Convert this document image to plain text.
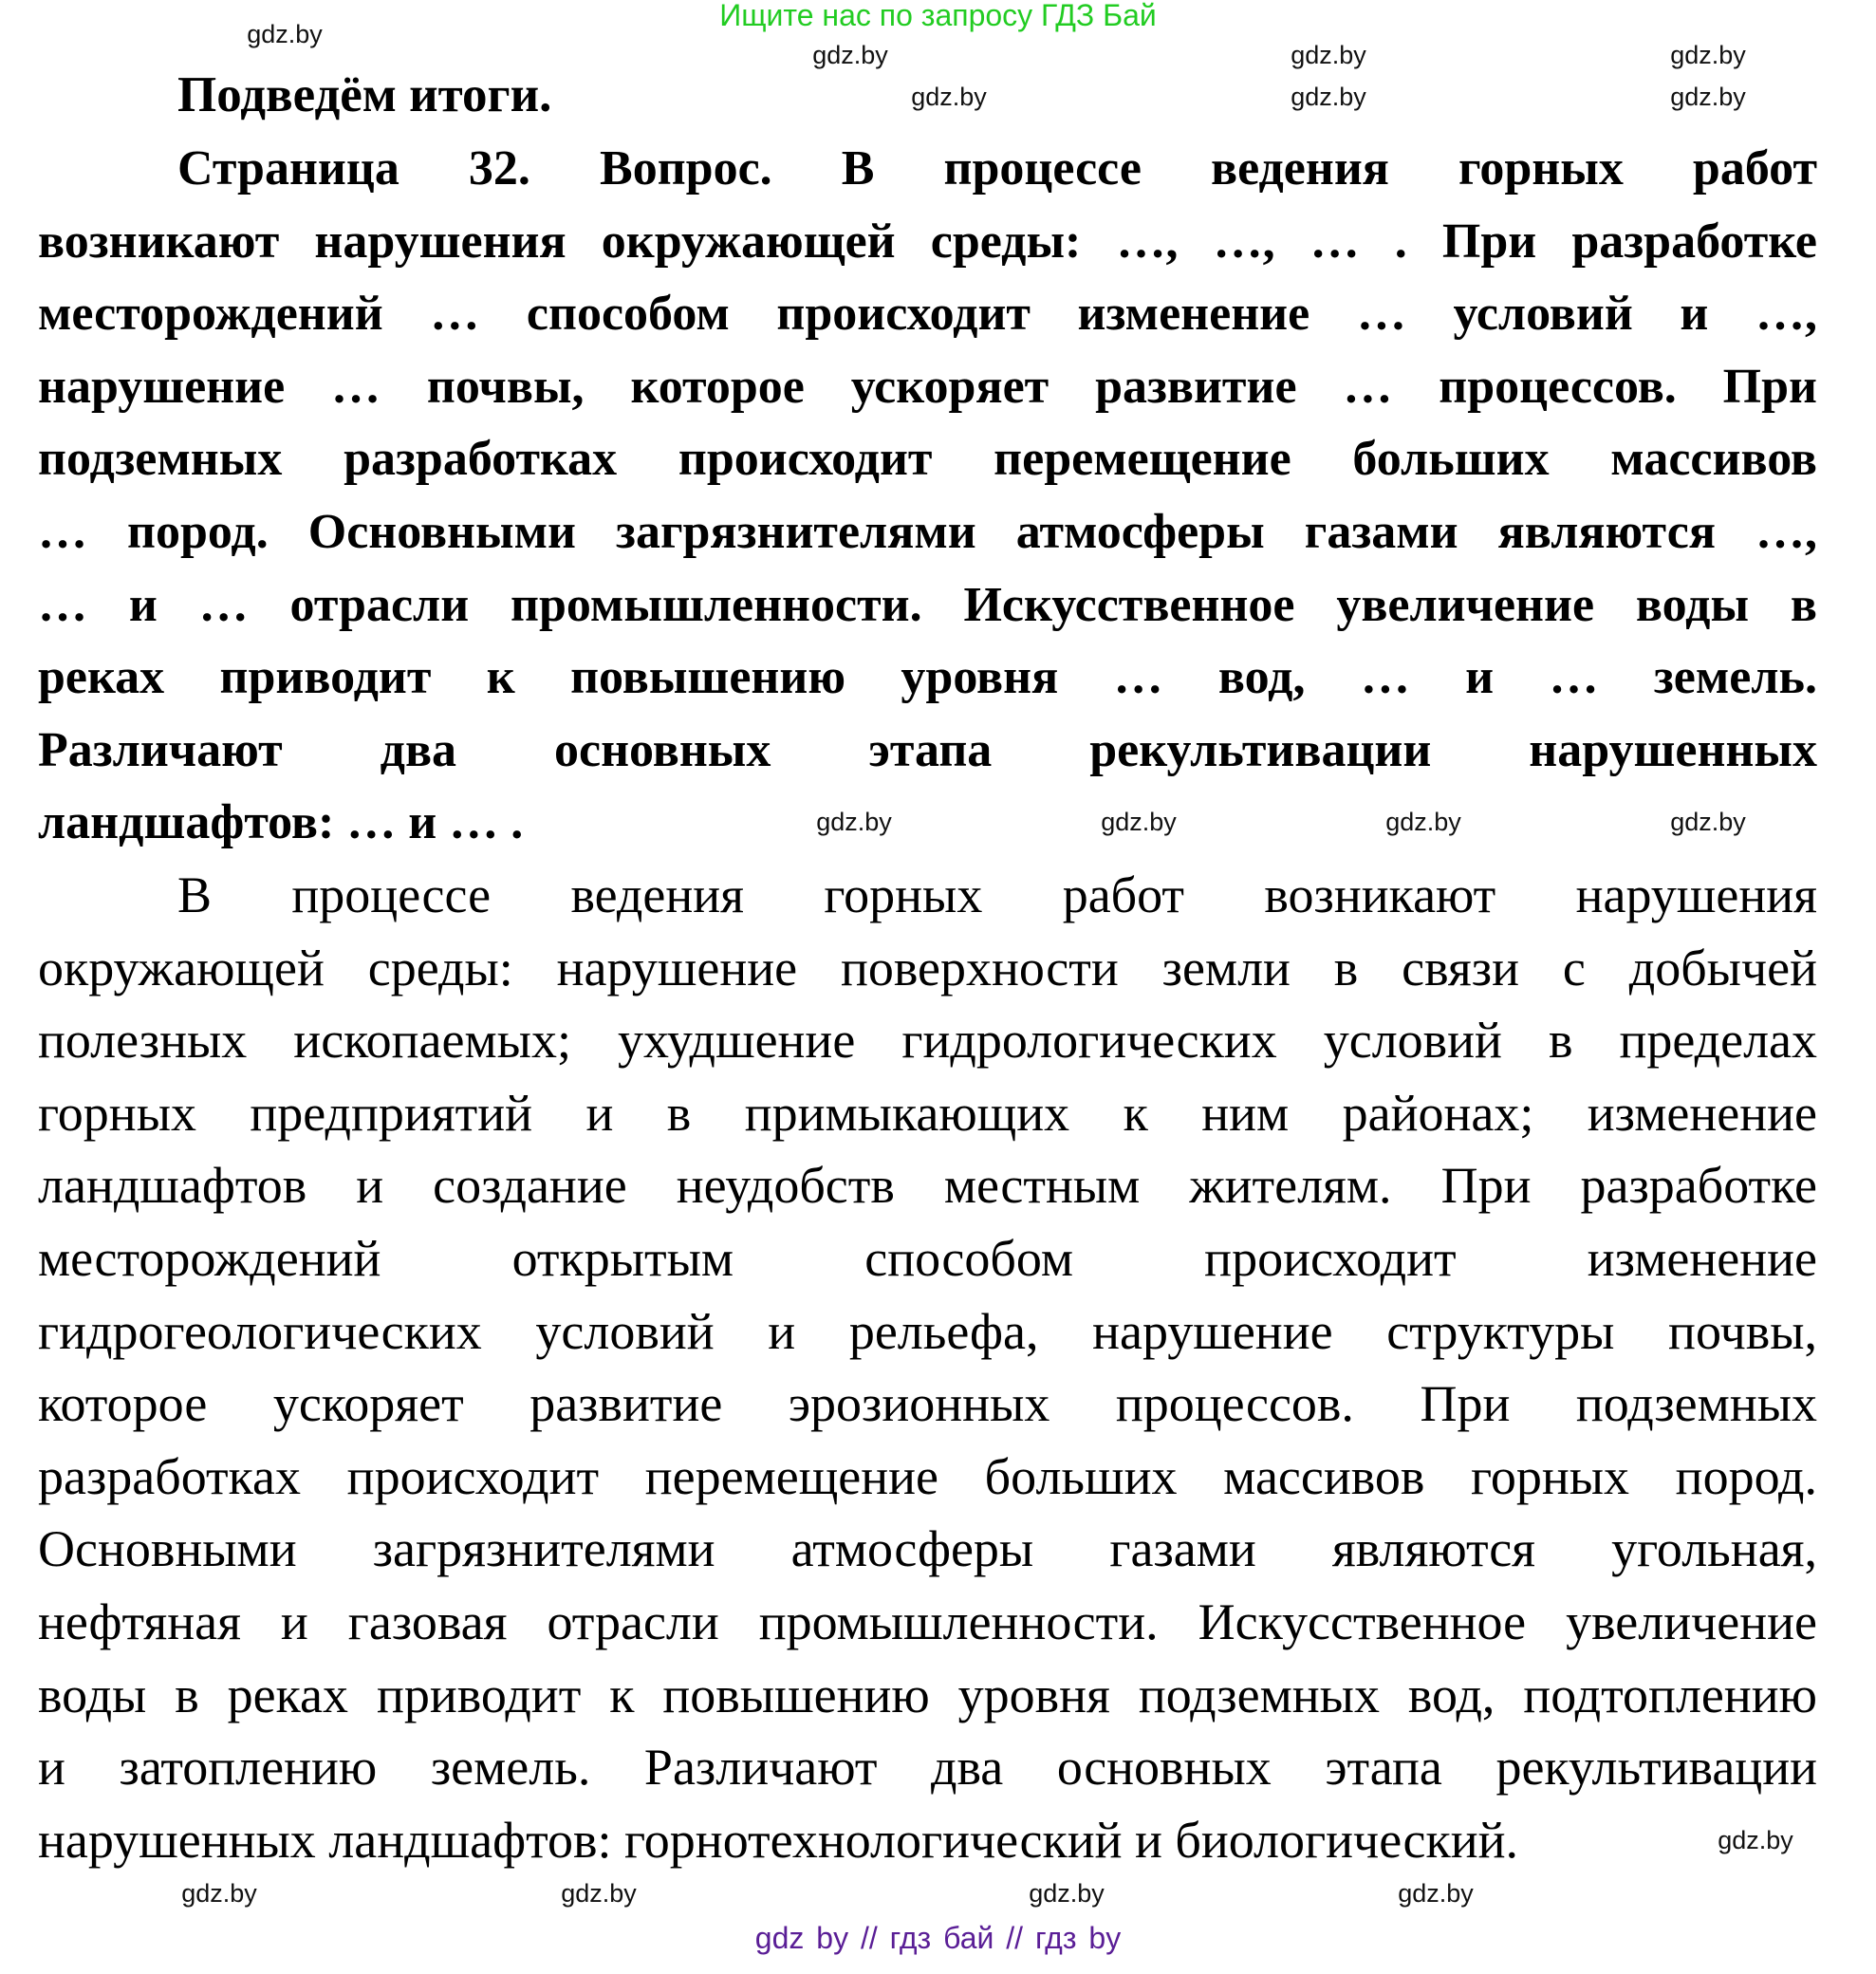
Ищите нас по запросу ГДЗ Бай
Подведём итоги.
Страница 32. Вопрос. В процессе ведения горных работ
возникают нарушения окружающей среды: …, …, … . При разработке
месторождений … способом происходит изменение … условий и …,
нарушение … почвы, которое ускоряет развитие … процессов. При
подземных разработках происходит перемещение больших массивов
… пород. Основными загрязнителями атмосферы газами являются …,
… и … отрасли промышленности. Искусственное увеличение воды в
реках приводит к повышению уровня … вод, … и … земель.
Различают два основных этапа рекультивации нарушенных
ландшафтов: … и … .
В процессе ведения горных работ возникают нарушения
окружающей среды: нарушение поверхности земли в связи с добычей
полезных ископаемых; ухудшение гидрологических условий в пределах
горных предприятий и в примыкающих к ним районах; изменение
ландшафтов и создание неудобств местным жителям. При разработке
месторождений открытым способом происходит изменение
гидрогеологических условий и рельефа, нарушение структуры почвы,
которое ускоряет развитие эрозионных процессов. При подземных
разработках происходит перемещение больших массивов горных пород.
Основными загрязнителями атмосферы газами являются угольная,
нефтяная и газовая отрасли промышленности. Искусственное увеличение
воды в реках приводит к повышению уровня подземных вод, подтоплению
и затоплению земель. Различают два основных этапа рекультивации
нарушенных ландшафтов: горнотехнологический и биологический.
gdz.by
gdz.by	gdz.by	gdz.by
gdz.by	gdz.by	gdz.by
gdz.by	gdz.by	gdz.by	gdz.by
gdz.by
gdz.by	gdz.by	gdz.by	gdz.by
gdz by // гдз бай // гдз by
